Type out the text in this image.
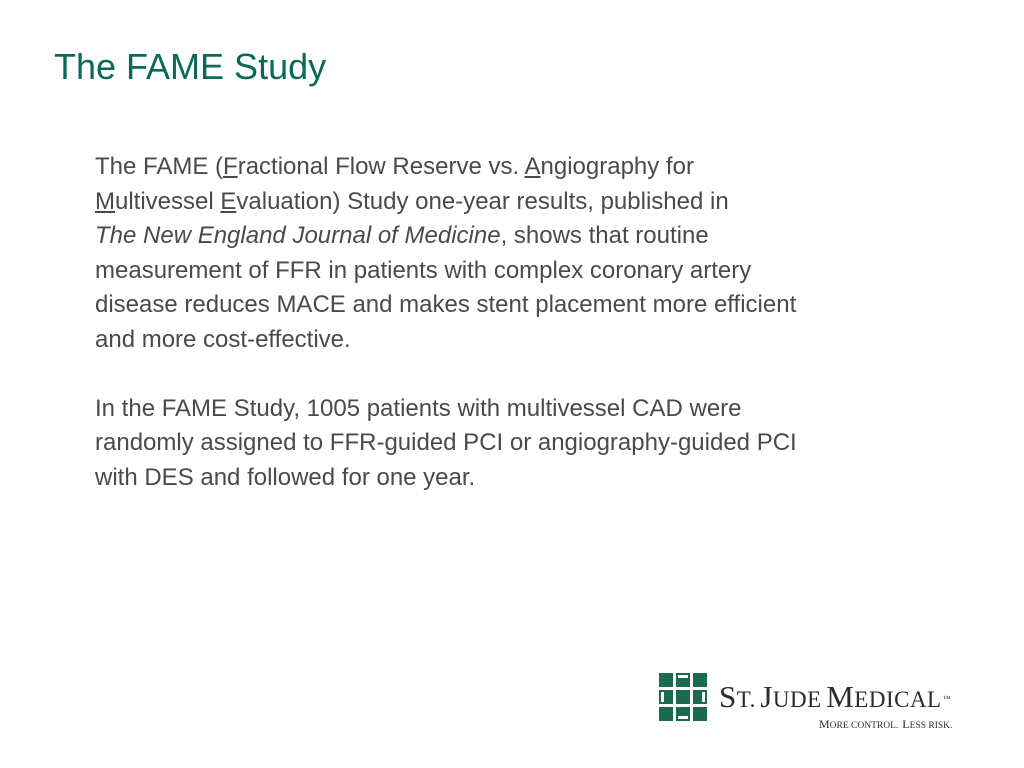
The FAME Study

The FAME (Fractional Flow Reserve vs. Angiography for

Multivessel Evaluation) Study one-year results, published in

The New England Journal of Medicine, shows that routine

measurement of FFR in patients with complex coronary artery

disease reduces MACE and makes stent placement more efficient

and more cost-effective.

In the FAME Study, 1005 patients with multivessel CAD were

randomly assigned to FFR-guided PCI or angiography-guided PCI

with DES and followed for one year.

ST. JUDE MEDICAL™
MORE CONTROL. LESS RISK.
